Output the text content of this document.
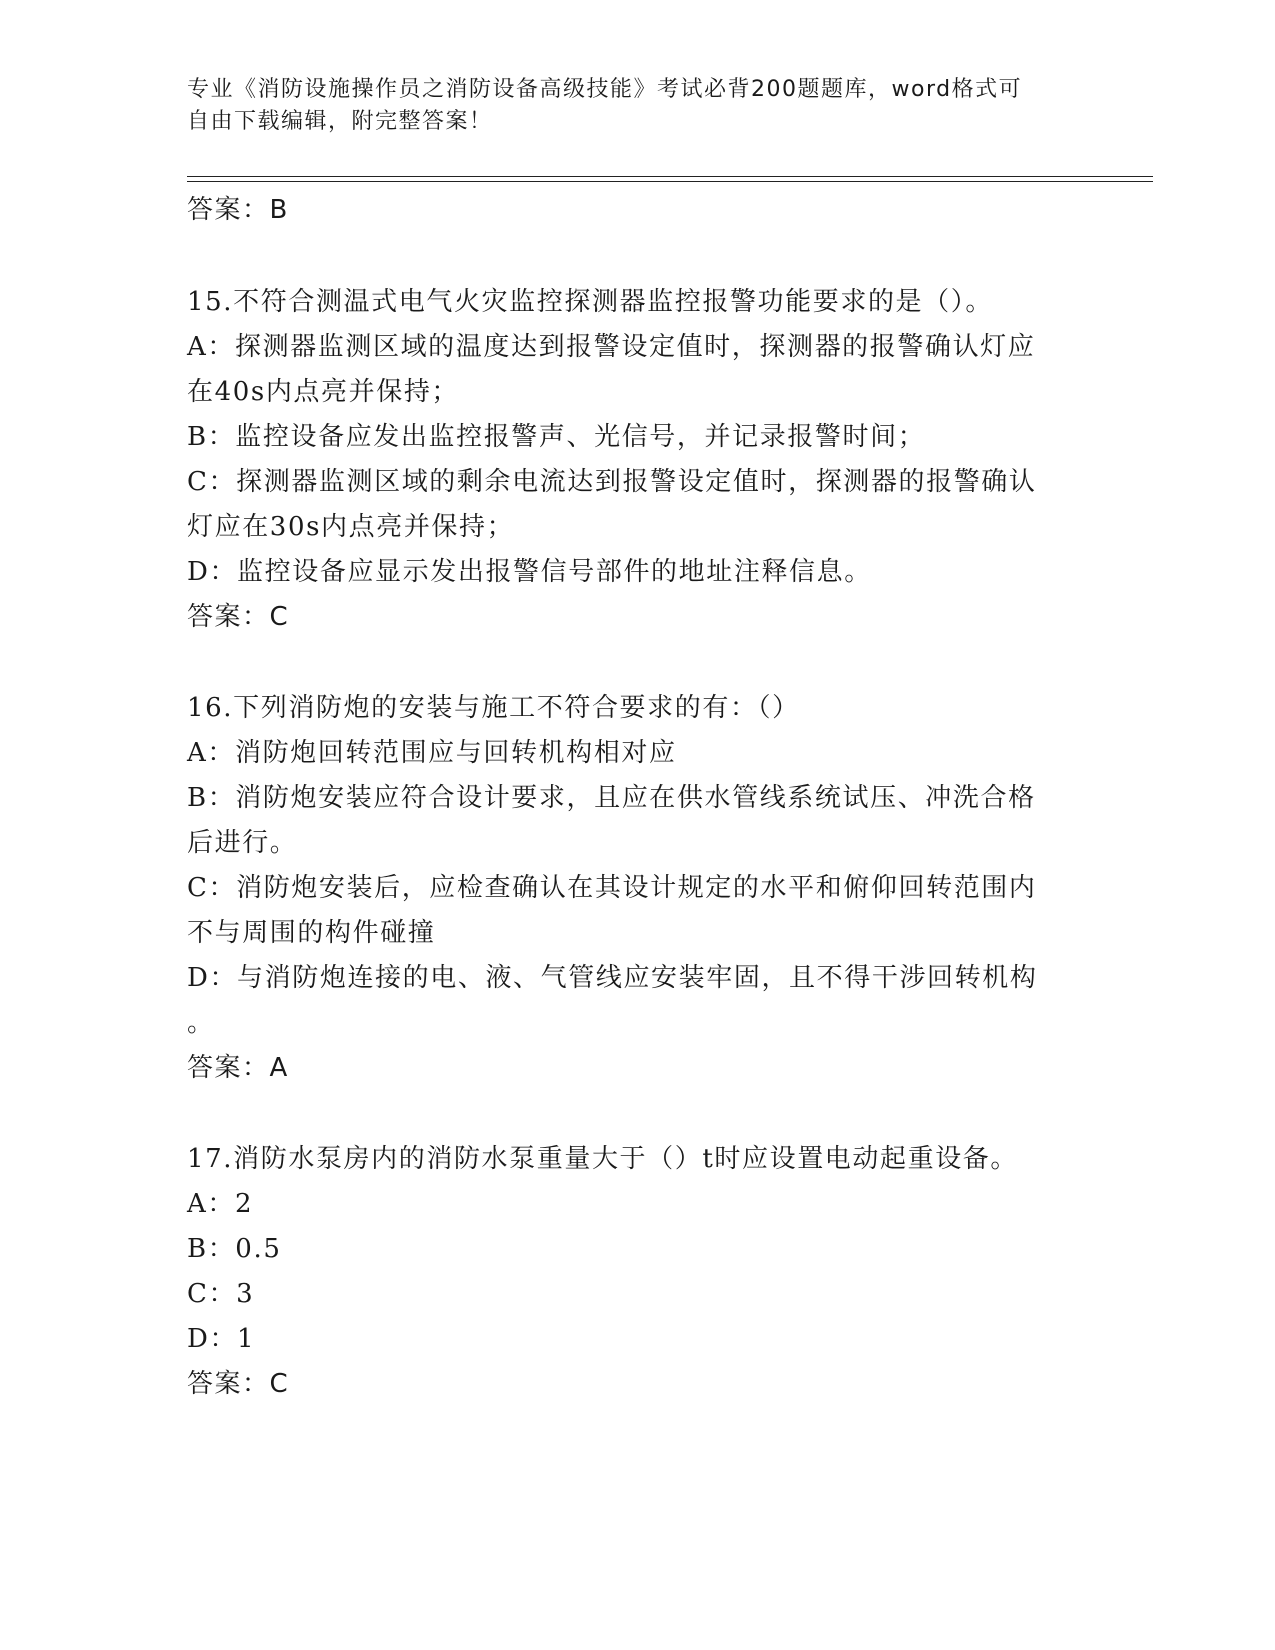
专业《消防设施操作员之消防设备高级技能》考试必背200题题库，word格式可
自由下载编辑，附完整答案！
答案：B
15.不符合测温式电气火灾监控探测器监控报警功能要求的是（）。
A：探测器监测区域的温度达到报警设定值时，探测器的报警确认灯应
在40s内点亮并保持；
B：监控设备应发出监控报警声、光信号，并记录报警时间；
C：探测器监测区域的剩余电流达到报警设定值时，探测器的报警确认
灯应在30s内点亮并保持；
D：监控设备应显示发出报警信号部件的地址注释信息。
答案：C
16.下列消防炮的安装与施工不符合要求的有：（）
A：消防炮回转范围应与回转机构相对应
B：消防炮安装应符合设计要求，且应在供水管线系统试压、冲洗合格
后进行。
C：消防炮安装后，应检查确认在其设计规定的水平和俯仰回转范围内
不与周围的构件碰撞
D：与消防炮连接的电、液、气管线应安装牢固，且不得干涉回转机构
。
答案：A
17.消防水泵房内的消防水泵重量大于（）t时应设置电动起重设备。
A：2
B：0.5
C：3
D：1
答案：C
